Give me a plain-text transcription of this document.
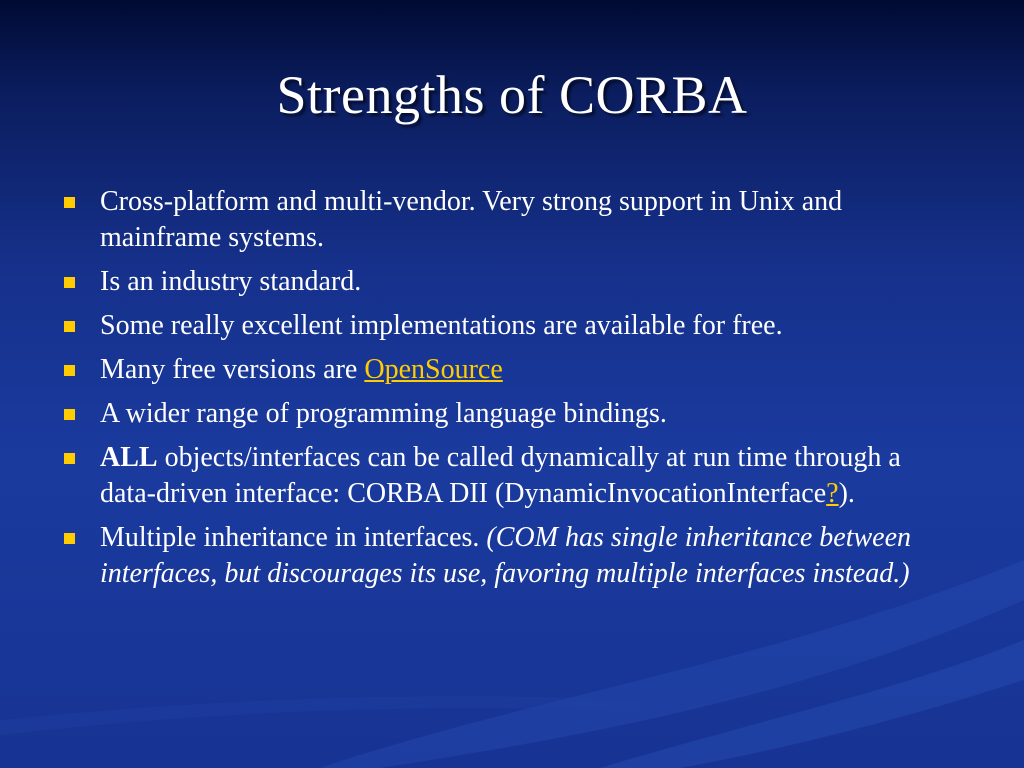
Strengths of CORBA
Cross-platform and multi-vendor. Very strong support in Unix and mainframe systems.
Is an industry standard.
Some really excellent implementations are available for free.
Many free versions are OpenSource
A wider range of programming language bindings.
ALL objects/interfaces can be called dynamically at run time through a data-driven interface: CORBA DII (DynamicInvocationInterface?).
Multiple inheritance in interfaces. (COM has single inheritance between interfaces, but discourages its use, favoring multiple interfaces instead.)
